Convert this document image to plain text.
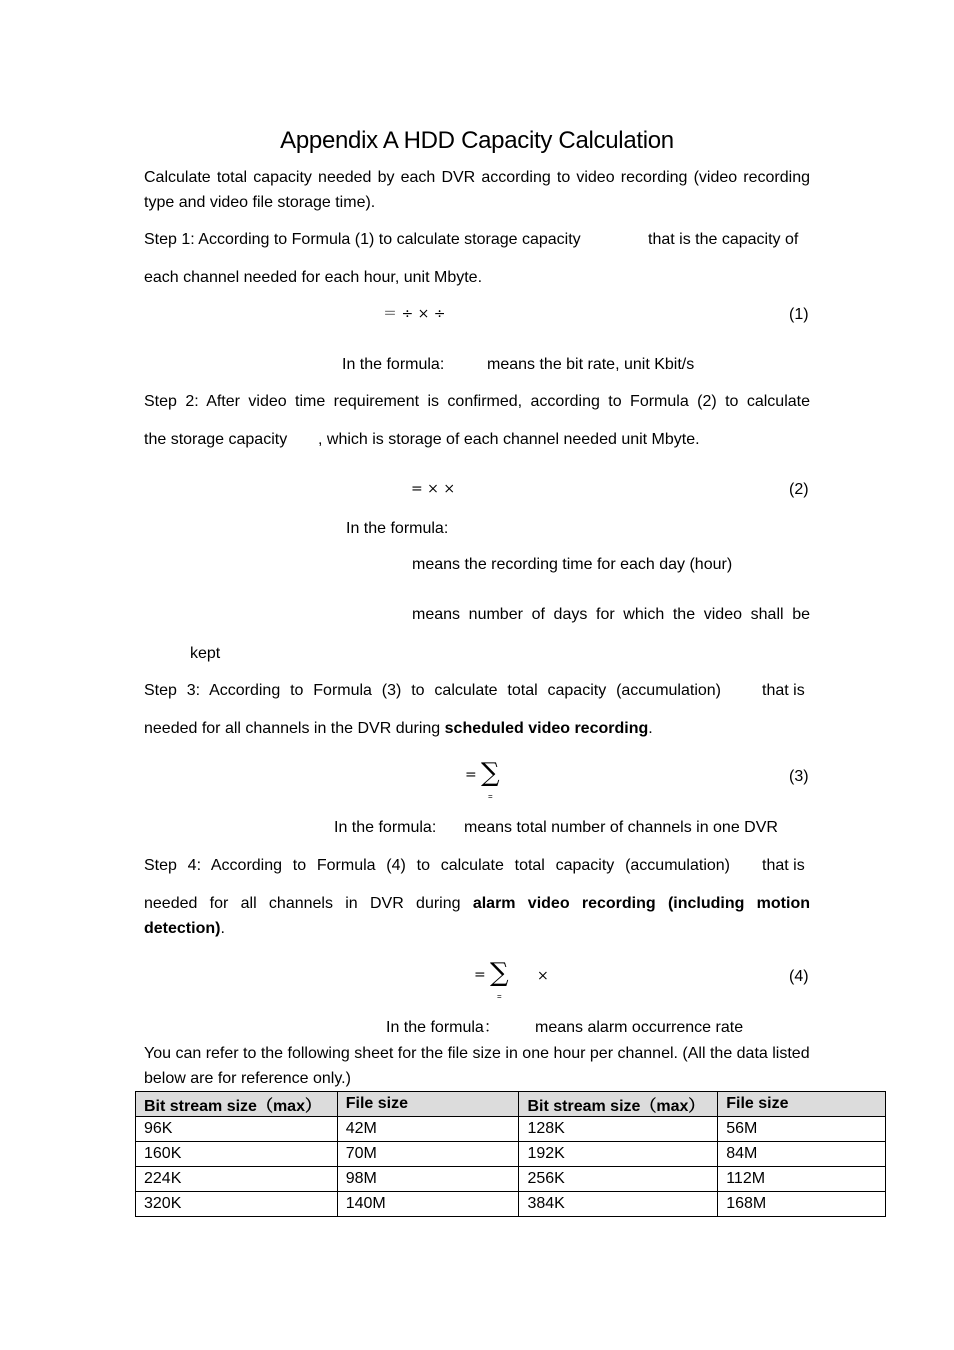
Appendix A HDD Capacity Calculation
Calculate total capacity needed by each DVR according to video recording (video recording type and video file storage time).
Step 1: According to Formula (1) to calculate storage capacity	that is the capacity of
each channel needed for each hour, unit Mbyte.
＝ ÷ × ÷	(1)
In the formula:	means the bit rate, unit Kbit/s
Step 2: After video time requirement is confirmed, according to Formula (2) to calculate
the storage capacity , which is storage of each channel needed unit Mbyte.
= × ×	(2)
In the formula:
means the recording time for each day (hour)
means number of days for which the video shall be
kept
Step 3: According to Formula (3) to calculate total capacity (accumulation)	that is
needed for all channels in the DVR during scheduled video recording.
= ∑
=
(3)
In the formula: means total number of channels in one DVR
Step 4: According to Formula (4) to calculate total capacity (accumulation) that is
needed for all channels in DVR during alarm video recording (including motion
detection).
= ∑
=
×	(4)
In the formula： means alarm occurrence rate
You can refer to the following sheet for the file size in one hour per channel. (All the data listed below are for reference only.)
Bit stream size（max）	File size	Bit stream size（max）	File size
96K	42M	128K	56M
160K	70M	192K	84M
224K	98M	256K	112M
320K	140M	384K	168M
